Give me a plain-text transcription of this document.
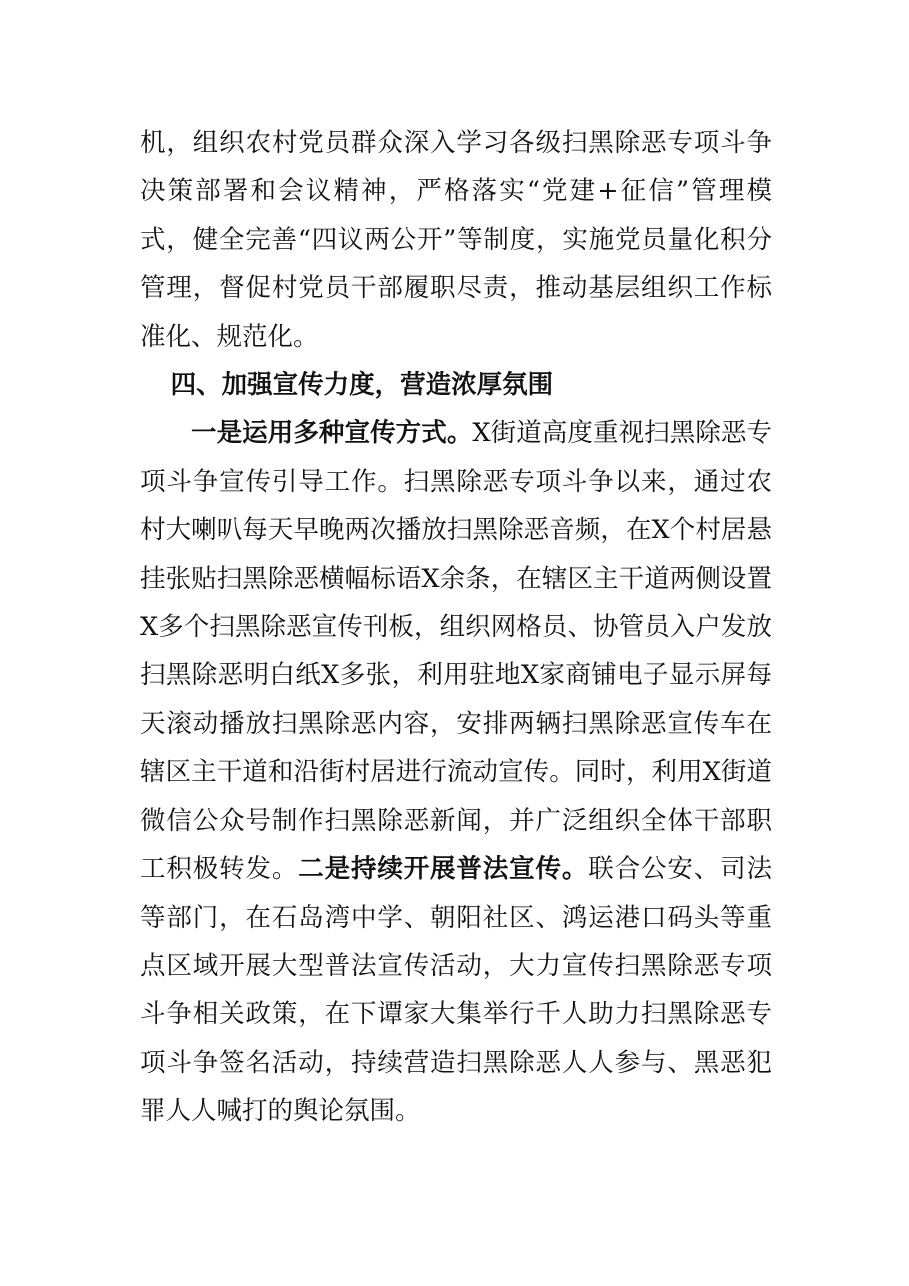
机，组织农村党员群众深入学习各级扫黑除恶专项斗争决策部署和会议精神，严格落实“党建+征信”管理模式，健全完善“四议两公开”等制度，实施党员量化积分管理，督促村党员干部履职尽责，推动基层组织工作标准化、规范化。

四、加强宣传力度，营造浓厚氛围

一是运用多种宣传方式。X街道高度重视扫黑除恶专项斗争宣传引导工作。扫黑除恶专项斗争以来，通过农村大喇叭每天早晚两次播放扫黑除恶音频，在X个村居悬挂张贴扫黑除恶横幅标语X余条，在辖区主干道两侧设置X多个扫黑除恶宣传刊板，组织网格员、协管员入户发放扫黑除恶明白纸X多张，利用驻地X家商铺电子显示屏每天滚动播放扫黑除恶内容，安排两辆扫黑除恶宣传车在辖区主干道和沿街村居进行流动宣传。同时，利用X街道微信公众号制作扫黑除恶新闻，并广泛组织全体干部职工积极转发。二是持续开展普法宣传。联合公安、司法等部门，在石岛湾中学、朝阳社区、鸿运港口码头等重点区域开展大型普法宣传活动，大力宣传扫黑除恶专项斗争相关政策，在下谭家大集举行千人助力扫黑除恶专项斗争签名活动，持续营造扫黑除恶人人参与、黑恶犯罪人人喊打的舆论氛围。
